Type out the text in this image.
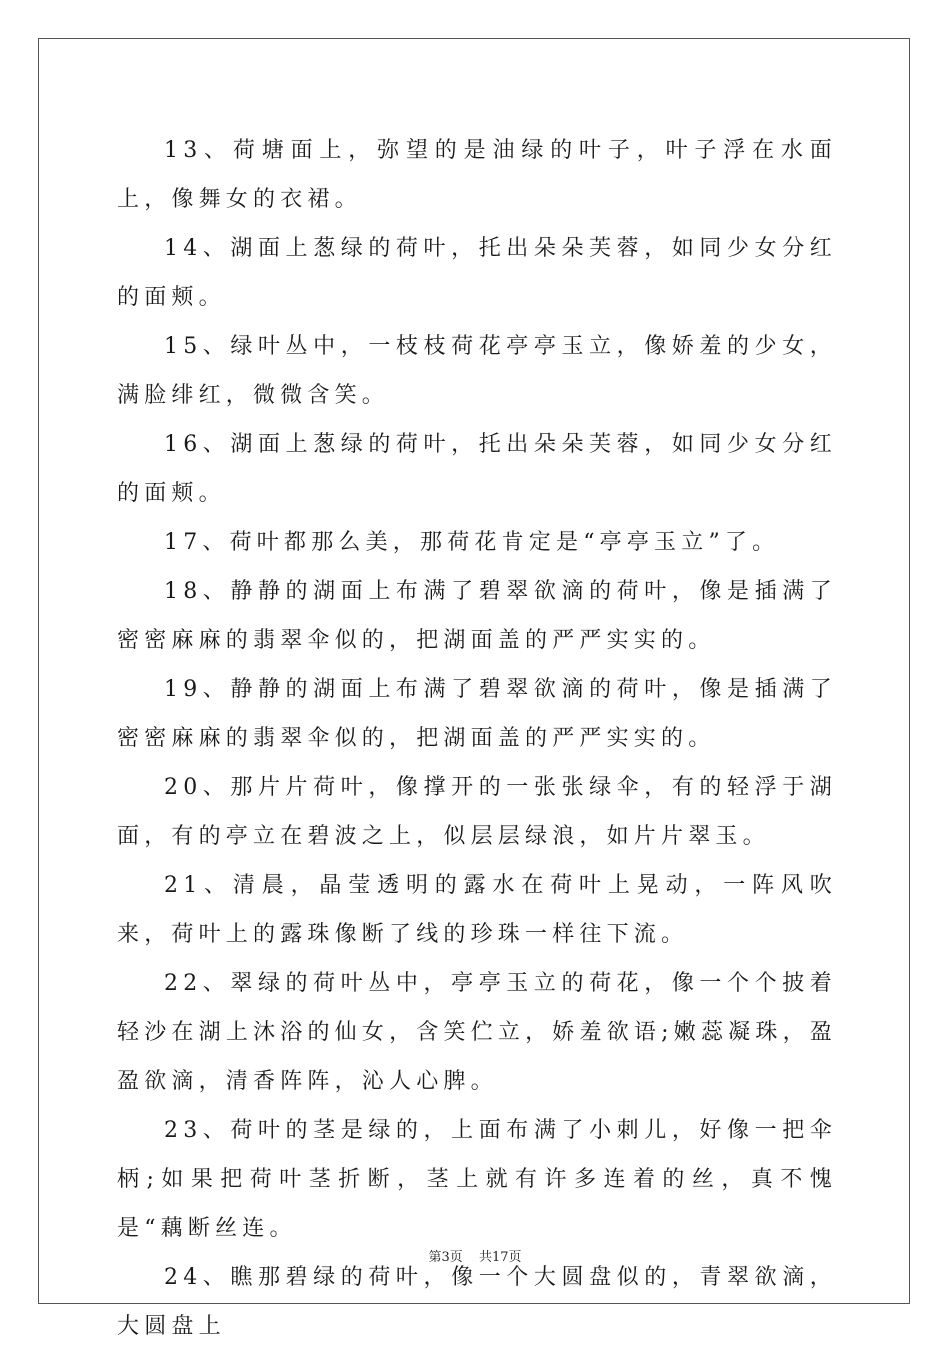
13、荷塘面上，弥望的是油绿的叶子，叶子浮在水面上，像舞女的衣裙。

14、湖面上葱绿的荷叶，托出朵朵芙蓉，如同少女分红的面颊。

15、绿叶丛中，一枝枝荷花亭亭玉立，像娇羞的少女，满脸绯红，微微含笑。

16、湖面上葱绿的荷叶，托出朵朵芙蓉，如同少女分红的面颊。

17、荷叶都那么美，那荷花肯定是“亭亭玉立”了。

18、静静的湖面上布满了碧翠欲滴的荷叶，像是插满了密密麻麻的翡翠伞似的，把湖面盖的严严实实的。

19、静静的湖面上布满了碧翠欲滴的荷叶，像是插满了密密麻麻的翡翠伞似的，把湖面盖的严严实实的。

20、那片片荷叶，像撑开的一张张绿伞，有的轻浮于湖面，有的亭立在碧波之上，似层层绿浪，如片片翠玉。

21、清晨，晶莹透明的露水在荷叶上晃动，一阵风吹来，荷叶上的露珠像断了线的珍珠一样往下流。

22、翠绿的荷叶丛中，亭亭玉立的荷花，像一个个披着轻沙在湖上沐浴的仙女，含笑伫立，娇羞欲语;嫩蕊凝珠，盈盈欲滴，清香阵阵，沁人心脾。

23、荷叶的茎是绿的，上面布满了小刺儿，好像一把伞柄;如果把荷叶茎折断，茎上就有许多连着的丝，真不愧是“藕断丝连。

24、瞧那碧绿的荷叶，像一个大圆盘似的，青翠欲滴，大圆盘上

第3页 共17页
